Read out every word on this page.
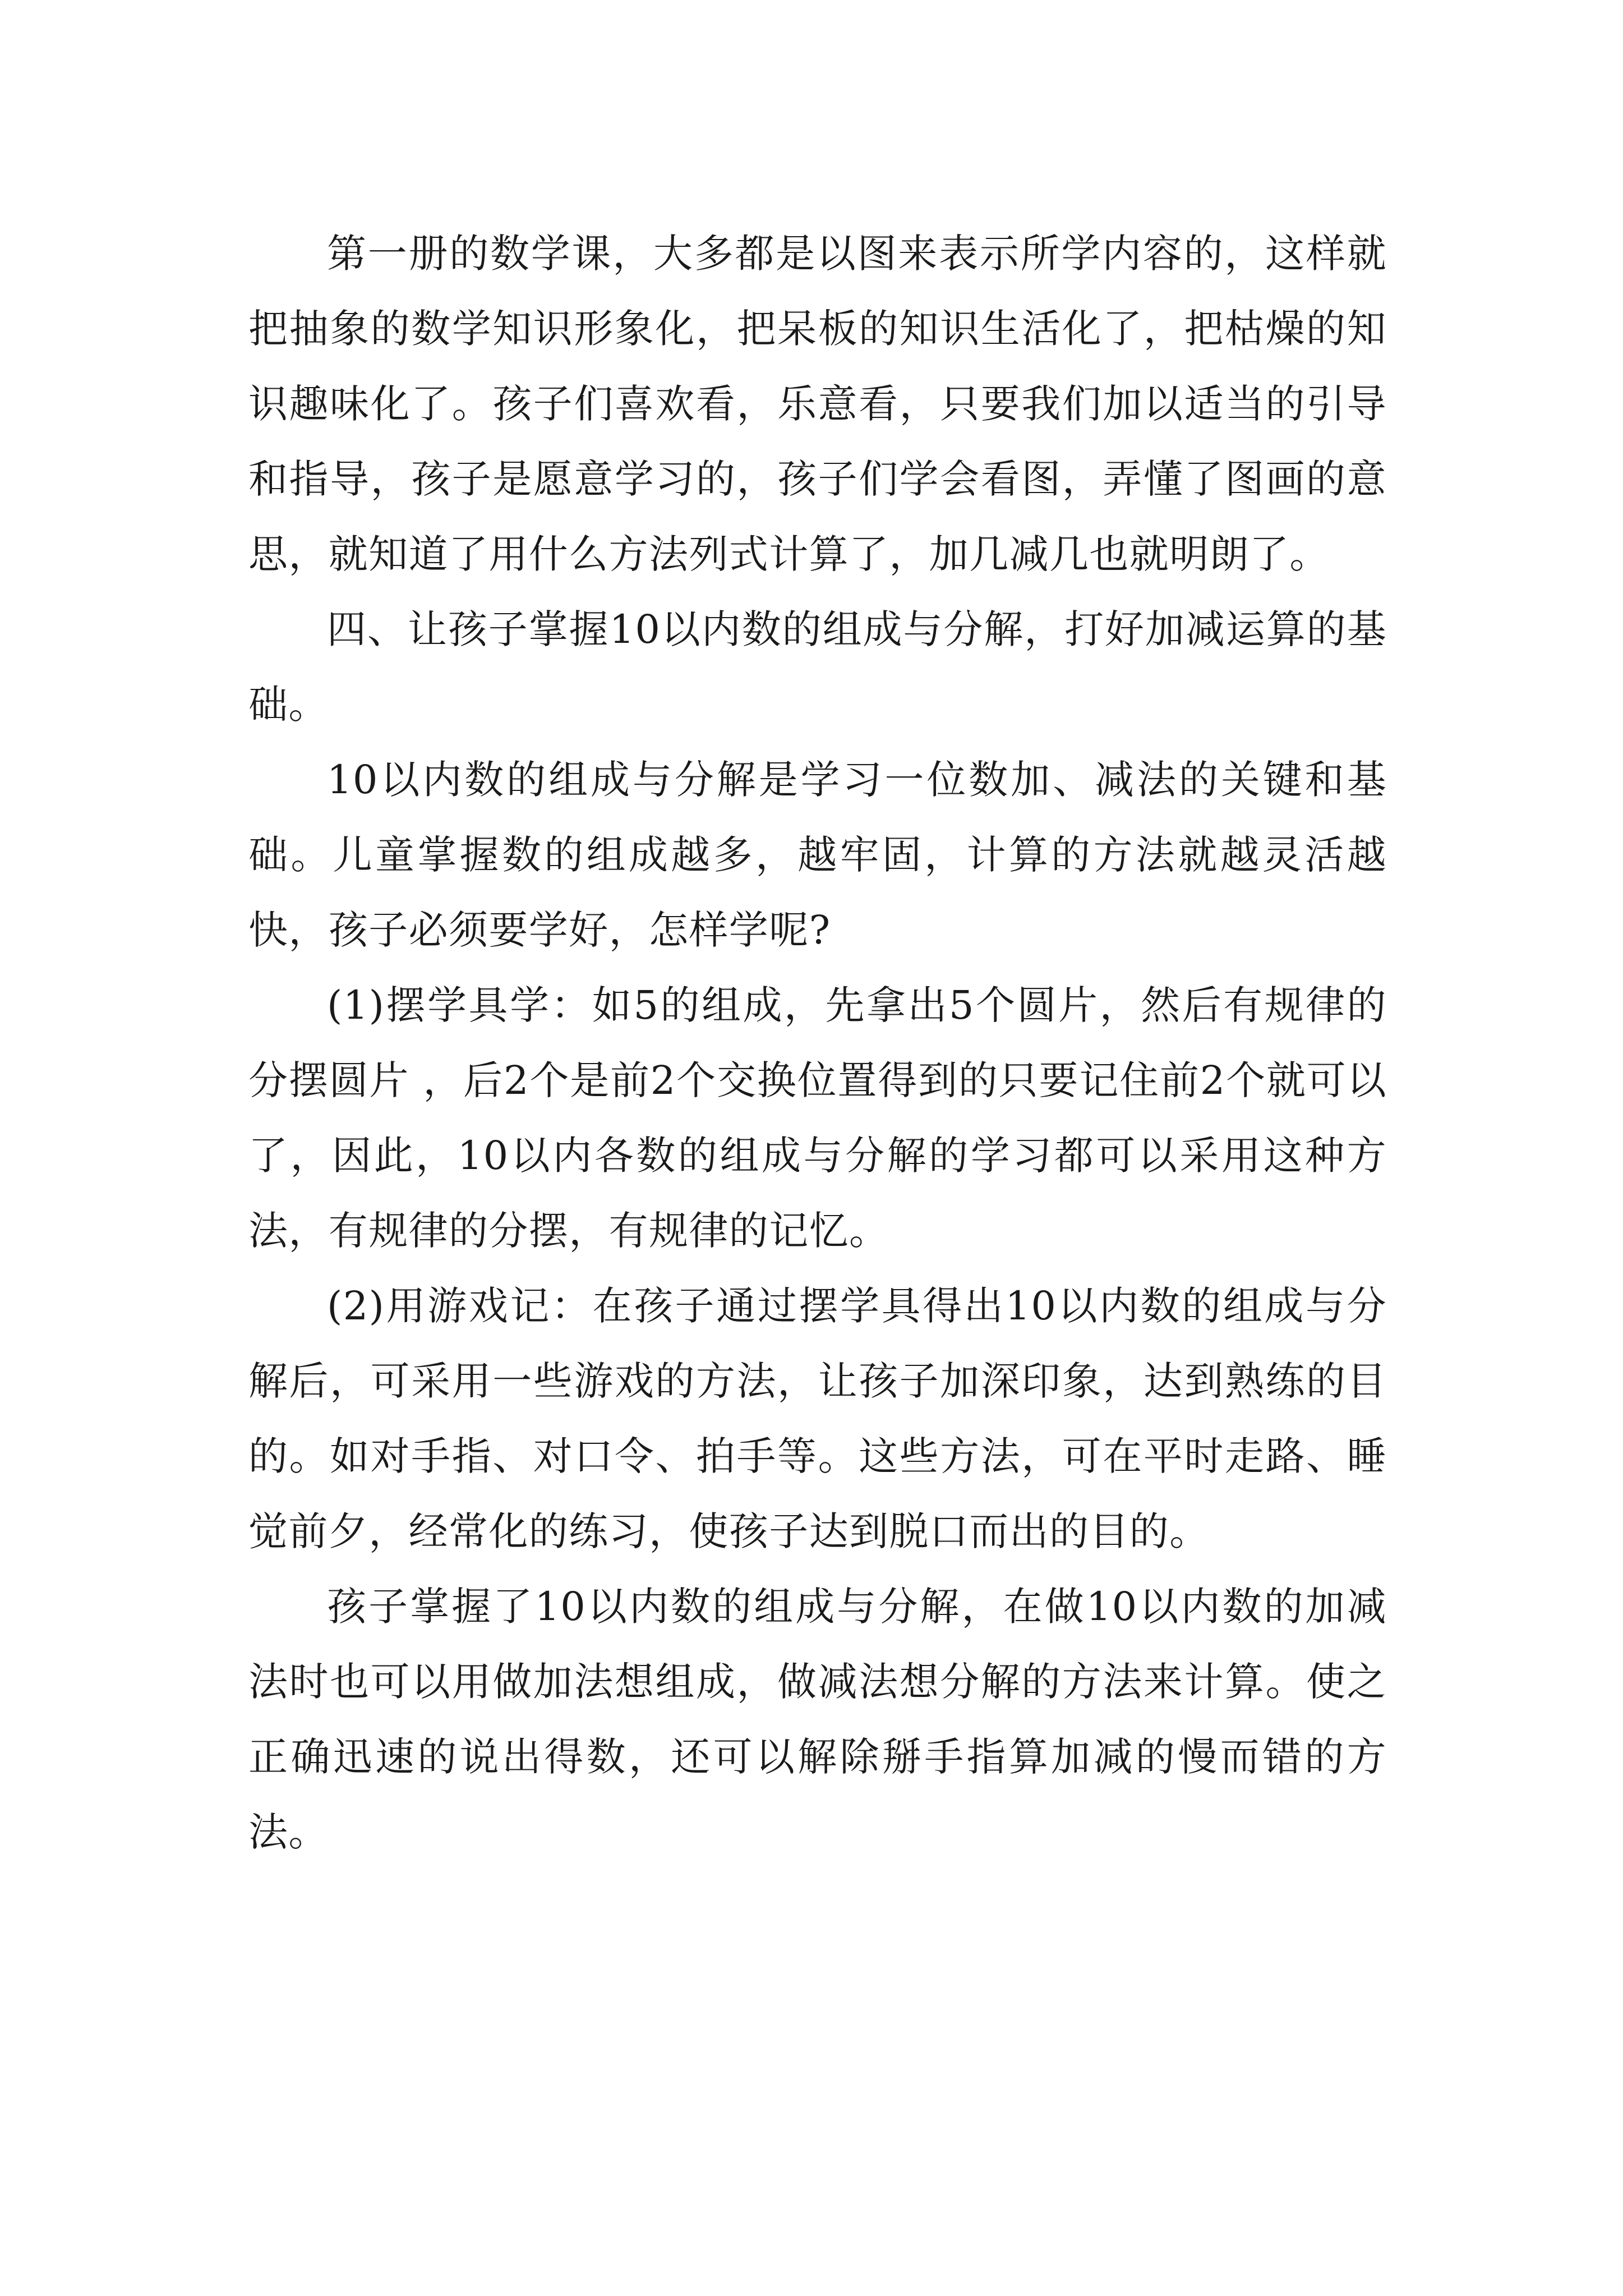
第一册的数学课，大多都是以图来表示所学内容的，这样就把抽象的数学知识形象化，把呆板的知识生活化了，把枯燥的知识趣味化了。孩子们喜欢看，乐意看，只要我们加以适当的引导和指导，孩子是愿意学习的，孩子们学会看图，弄懂了图画的意思，就知道了用什么方法列式计算了，加几减几也就明朗了。

四、让孩子掌握10以内数的组成与分解，打好加减运算的基础。

10以内数的组成与分解是学习一位数加、减法的关键和基础。儿童掌握数的组成越多，越牢固，计算的方法就越灵活越快，孩子必须要学好，怎样学呢?

(1)摆学具学：如5的组成，先拿出5个圆片，然后有规律的分摆圆片 ，后2个是前2个交换位置得到的只要记住前2个就可以了，因此，10以内各数的组成与分解的学习都可以采用这种方法，有规律的分摆，有规律的记忆。

(2)用游戏记：在孩子通过摆学具得出10以内数的组成与分解后，可采用一些游戏的方法，让孩子加深印象，达到熟练的目的。如对手指、对口令、拍手等。这些方法，可在平时走路、睡觉前夕，经常化的练习，使孩子达到脱口而出的目的。

孩子掌握了10以内数的组成与分解，在做10以内数的加减法时也可以用做加法想组成，做减法想分解的方法来计算。使之正确迅速的说出得数，还可以解除掰手指算加减的慢而错的方法。
